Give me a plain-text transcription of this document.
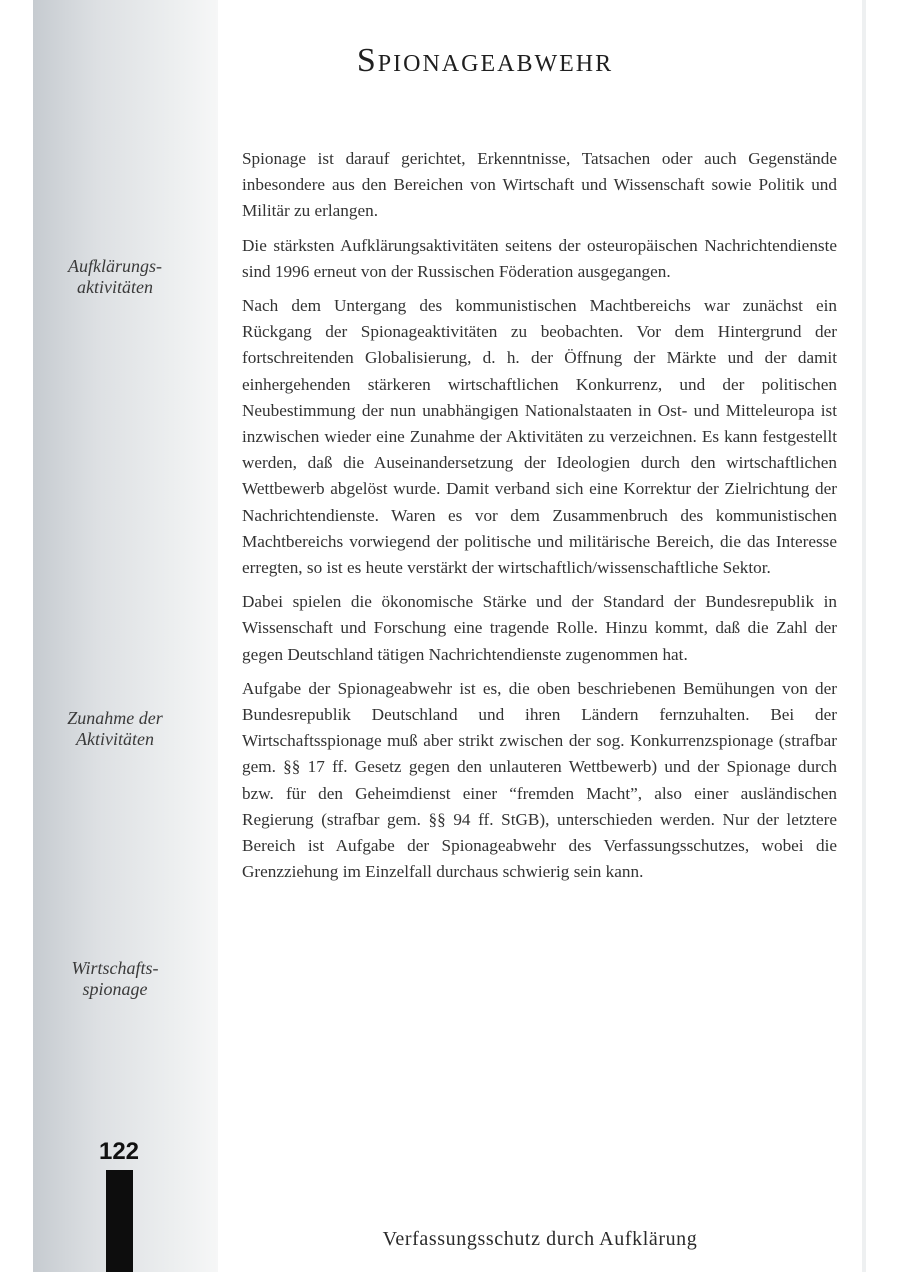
Spionageabwehr
Aufklärungs-
aktivitäten
Zunahme der
Aktivitäten
Wirtschafts-
spionage

Spionage ist darauf gerichtet, Erkenntnisse, Tatsachen oder auch Gegenstände inbesondere aus den Bereichen von Wirtschaft und Wissenschaft sowie Politik und Militär zu erlangen.

Die stärksten Aufklärungsaktivitäten seitens der osteuropäischen Nachrichtendienste sind 1996 erneut von der Russischen Föderation ausgegangen.

Nach dem Untergang des kommunistischen Machtbereichs war zunächst ein Rückgang der Spionageaktivitäten zu beobachten. Vor dem Hintergrund der fortschreitenden Globalisierung, d. h. der Öffnung der Märkte und der damit einhergehenden stärkeren wirtschaftlichen Konkurrenz, und der politischen Neubestimmung der nun unabhängigen Nationalstaaten in Ost- und Mitteleuropa ist inzwischen wieder eine Zunahme der Aktivitäten zu verzeichnen. Es kann festgestellt werden, daß die Auseinandersetzung der Ideologien durch den wirtschaftlichen Wettbewerb abgelöst wurde. Damit verband sich eine Korrektur der Zielrichtung der Nachrichtendienste. Waren es vor dem Zusammenbruch des kommunistischen Machtbereichs vorwiegend der politische und militärische Bereich, die das Interesse erregten, so ist es heute verstärkt der wirtschaftlich/wissenschaftliche Sektor.

Dabei spielen die ökonomische Stärke und der Standard der Bundesrepublik in Wissenschaft und Forschung eine tragende Rolle. Hinzu kommt, daß die Zahl der gegen Deutschland tätigen Nachrichtendienste zugenommen hat.

Aufgabe der Spionageabwehr ist es, die oben beschriebenen Bemühungen von der Bundesrepublik Deutschland und ihren Ländern fernzuhalten. Bei der Wirtschaftsspionage muß aber strikt zwischen der sog. Konkurrenzspionage (strafbar gem. §§ 17 ff. Gesetz gegen den unlauteren Wettbewerb) und der Spionage durch bzw. für den Geheimdienst einer “fremden Macht”, also einer ausländischen Regierung (strafbar gem. §§ 94 ff. StGB), unterschieden werden. Nur der letztere Bereich ist Aufgabe der Spionageabwehr des Verfassungsschutzes, wobei die Grenzziehung im Einzelfall durchaus schwierig sein kann.

122
Verfassungsschutz durch Aufklärung
